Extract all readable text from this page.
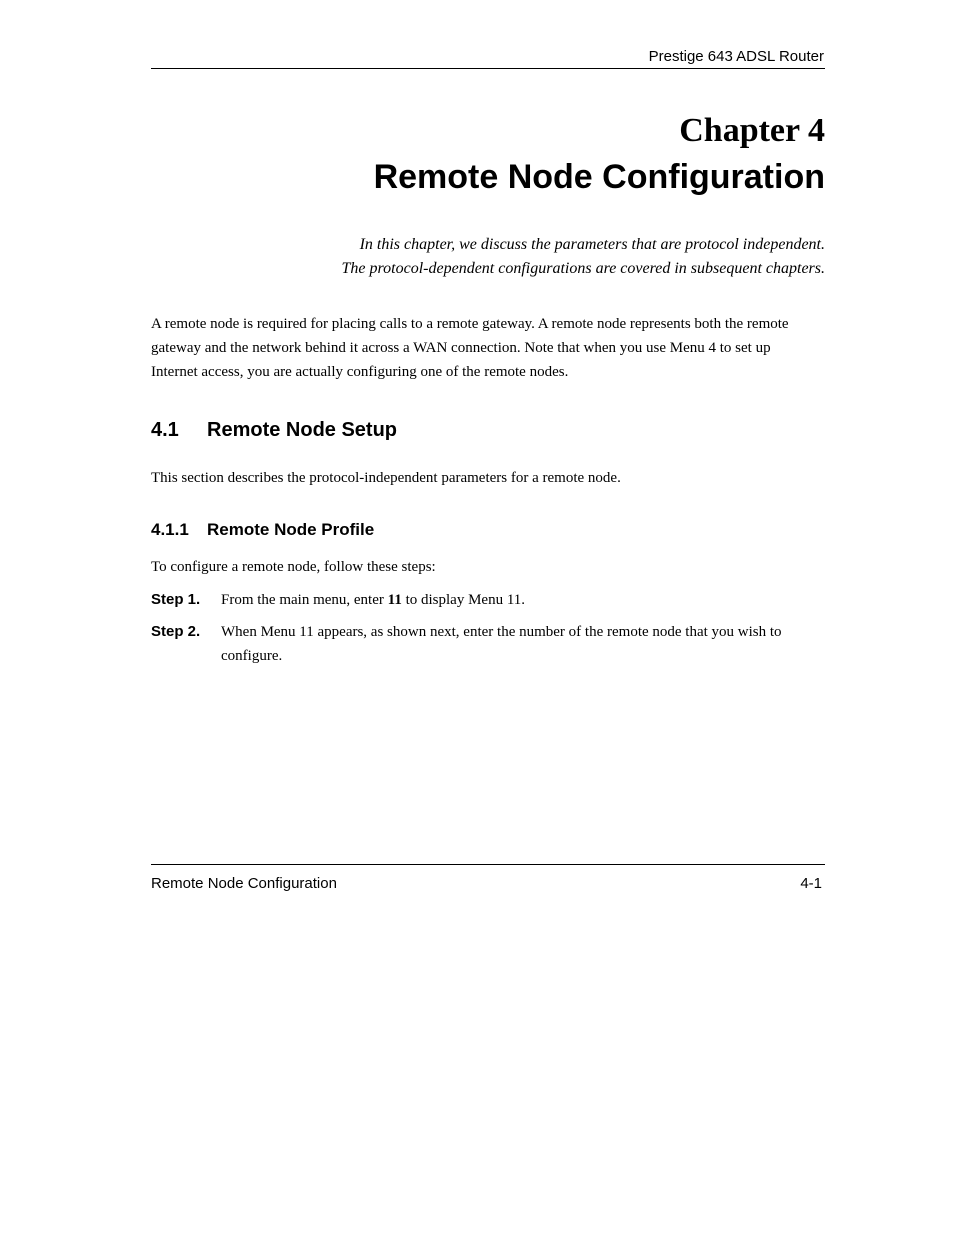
Prestige 643 ADSL Router
Chapter 4
Remote Node Configuration
In this chapter, we discuss the parameters that are protocol independent.
The protocol-dependent configurations are covered in subsequent chapters.
A remote node is required for placing calls to a remote gateway. A remote node represents both the remote
gateway and the network behind it across a WAN connection. Note that when you use Menu 4 to set up
Internet access, you are actually configuring one of the remote nodes.
4.1 Remote Node Setup
This section describes the protocol-independent parameters for a remote node.
4.1.1 Remote Node Profile
To configure a remote node, follow these steps:
Step 1. From the main menu, enter 11 to display Menu 11.
Step 2. When Menu 11 appears, as shown next, enter the number of the remote node that you wish to
configure.
Remote Node Configuration	4-1
